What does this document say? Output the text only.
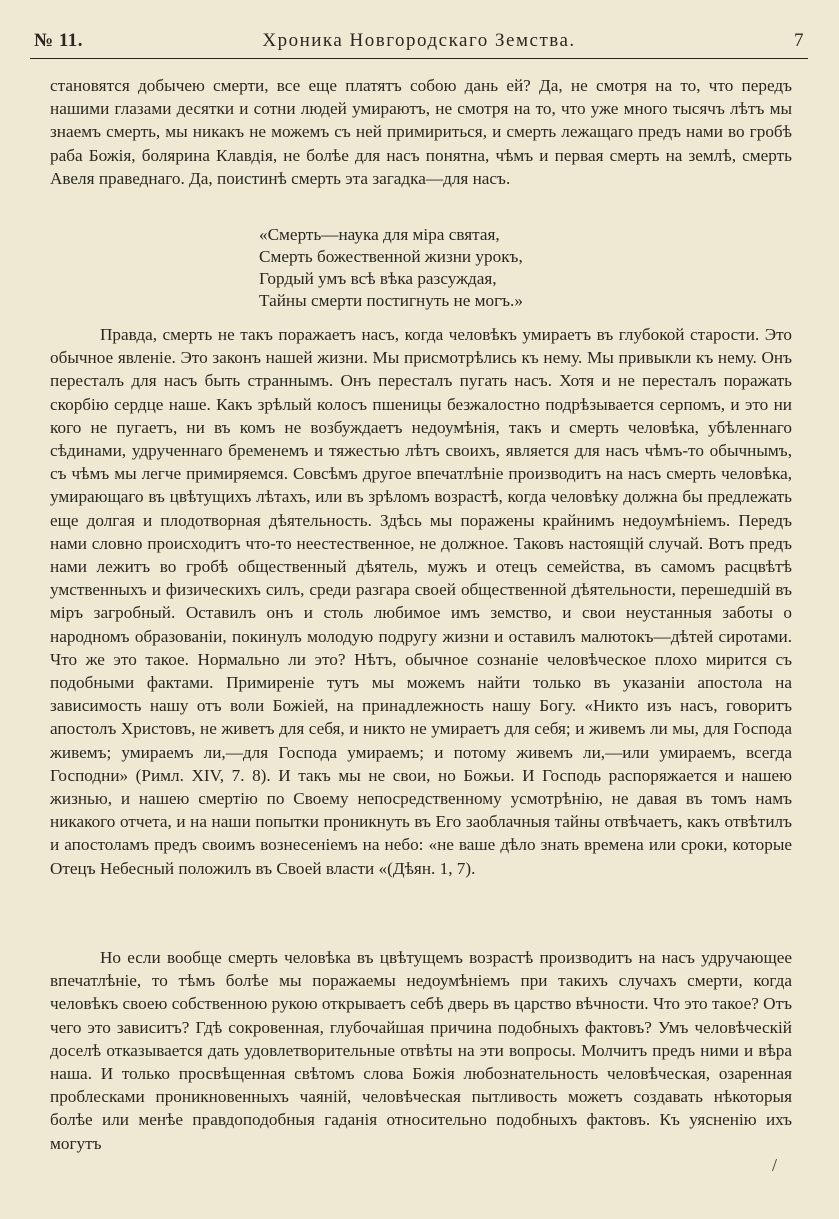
№ 11.	Хроника Новгородскаго Земства.	7

становятся добычею смерти, все еще платятъ собою дань ей? Да, не смотря на то, что передъ нашими глазами десятки и сотни людей умираютъ, не смотря на то, что уже много тысячъ лѣтъ мы знаемъ смерть, мы никакъ не можемъ съ ней примириться, и смерть лежащаго предъ нами во гробѣ раба Божія, болярина Клавдія, не болѣе для насъ понятна, чѣмъ и первая смерть на землѣ, смерть Авеля праведнаго. Да, поистинѣ смерть эта загадка—для насъ.

«Смерть—наука для міра святая,
Смерть божественной жизни урокъ,
Гордый умъ всѣ вѣка разсуждая,
Тайны смерти постигнуть не могъ.»

Правда, смерть не такъ поражаетъ насъ, когда человѣкъ умираетъ въ глубокой старости. Это обычное явленіе. Это законъ нашей жизни. Мы присмотрѣлись къ нему. Мы привыкли къ нему. Онъ пересталъ для насъ быть страннымъ. Онъ пересталъ пугать насъ. Хотя и не пересталъ поражать скорбію сердце наше. Какъ зрѣлый колосъ пшеницы безжалостно подрѣзывается серпомъ, и это ни кого не пугаетъ, ни въ комъ не возбуждаетъ недоумѣнія, такъ и смерть человѣка, убѣленнаго сѣдинами, удрученнаго бременемъ и тяжестью лѣтъ своихъ, является для насъ чѣмъ-то обычнымъ, съ чѣмъ мы легче примиряемся. Совсѣмъ другое впечатлѣніе производитъ на насъ смерть человѣка, умирающаго въ цвѣтущихъ лѣтахъ, или въ зрѣломъ возрастѣ, когда человѣку должна бы предлежать еще долгая и плодотворная дѣятельность. Здѣсь мы поражены крайнимъ недоумѣніемъ. Передъ нами словно происходитъ что-то неестественное, не должное. Таковъ настоящій случай. Вотъ предъ нами лежитъ во гробѣ общественный дѣятель, мужъ и отецъ семейства, въ самомъ расцвѣтѣ умственныхъ и физическихъ силъ, среди разгара своей общественной дѣятельности, перешедшій въ міръ загробный. Оставилъ онъ и столь любимое имъ земство, и свои неустанныя заботы о народномъ образованіи, покинулъ молодую подругу жизни и оставилъ малютокъ—дѣтей сиротами. Что же это такое. Нормально ли это? Нѣтъ, обычное сознаніе человѣческое плохо мирится съ подобными фактами. Примиреніе тутъ мы можемъ найти только въ указаніи апостола на зависимость нашу отъ воли Божіей, на принадлежность нашу Богу. «Никто изъ насъ, говоритъ апостолъ Христовъ, не живетъ для себя, и никто не умираетъ для себя; и живемъ ли мы, для Господа живемъ; умираемъ ли,—для Господа умираемъ; и потому живемъ ли,—или умираемъ, всегда Господни» (Римл. XIV, 7. 8). И такъ мы не свои, но Божьи. И Господь распоряжается и нашею жизнью, и нашею смертію по Своему непосредственному усмотрѣнію, не давая въ томъ намъ никакого отчета, и на наши попытки проникнуть въ Его заоблачныя тайны отвѣчаетъ, какъ отвѣтилъ и апостоламъ предъ своимъ вознесеніемъ на небо: «не ваше дѣло знать времена или сроки, которые Отецъ Небесный положилъ въ Своей власти «(Дѣян. 1, 7).

Но если вообще смерть человѣка въ цвѣтущемъ возрастѣ производитъ на насъ удручающее впечатлѣніе, то тѣмъ болѣе мы поражаемы недоумѣніемъ при такихъ случахъ смерти, когда человѣкъ своею собственною рукою открываетъ себѣ дверь въ царство вѣчности. Что это такое? Отъ чего это зависитъ? Гдѣ сокровенная, глубочайшая причина подобныхъ фактовъ? Умъ человѣческій доселѣ отказывается дать удовлетворительные отвѣты на эти вопросы. Молчитъ предъ ними и вѣра наша. И только просвѣщенная свѣтомъ слова Божія любознательность человѣческая, озаренная проблесками проникновенныхъ чаяній, человѣческая пытливость можетъ создавать нѣкоторыя болѣе или менѣе правдоподобныя гаданія относительно подобныхъ фактовъ. Къ уясненію ихъ могутъ

/
